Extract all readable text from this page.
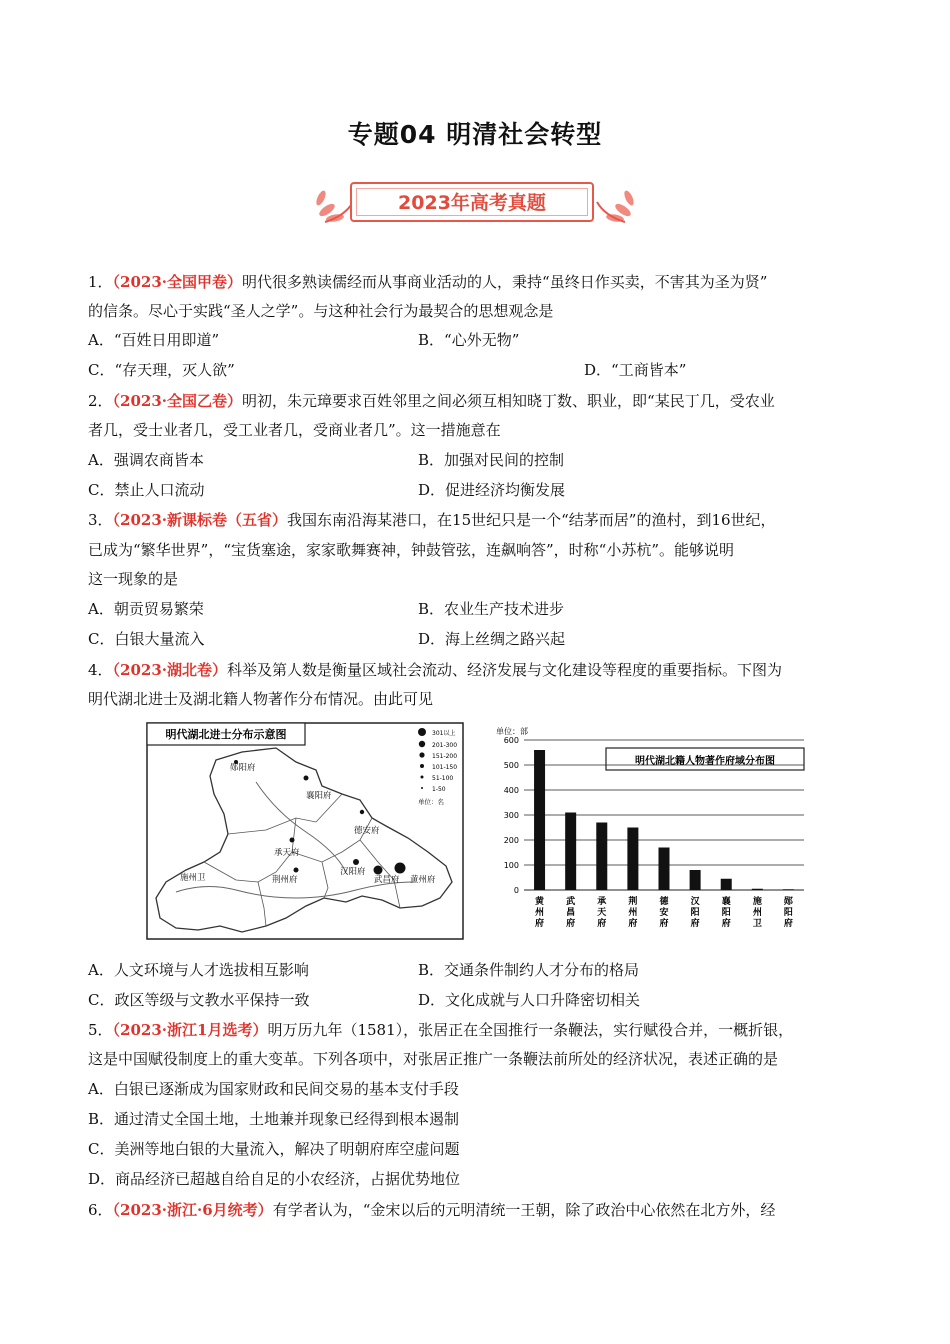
专题04 明清社会转型
2023年高考真题
1．（2023·全国甲卷）明代很多熟读儒经而从事商业活动的人，秉持“虽终日作买卖，不害其为圣为贤”
的信条。尽心于实践“圣人之学”。与这种社会行为最契合的思想观念是
A．“百姓日用即道”	B．“心外无物”
C．“存天理，灭人欲”	D．“工商皆本”
2．（2023·全国乙卷）明初，朱元璋要求百姓邻里之间必须互相知晓丁数、职业，即“某民丁几，受农业
者几，受士业者几，受工业者几，受商业者几”。这一措施意在
A．强调农商皆本	B．加强对民间的控制
C．禁止人口流动	D．促进经济均衡发展
3．（2023·新课标卷（五省）我国东南沿海某港口，在15世纪只是一个“结茅而居”的渔村，到16世纪，
已成为“繁华世界”，“宝货塞途，家家歌舞赛神，钟鼓管弦，连飙响答”，时称“小苏杭”。能够说明
这一现象的是
A．朝贡贸易繁荣	B．农业生产技术进步
C．白银大量流入	D．海上丝绸之路兴起
4．（2023·湖北卷）科举及第人数是衡量区域社会流动、经济发展与文化建设等程度的重要指标。下图为
明代湖北进士及湖北籍人物著作分布情况。由此可见
明代湖北进士分布示意图	301以上
201-300
151-200
101-150
51-100
1-50
单位：名
郧阳府
襄阳府
德安府
承天府
施州卫	荆州府
汉阳府
武昌府 黄州府
单位：部
明代湖北籍人物著作府域分布图
0
100
200
300
400
500
600
黄
州
府
武
昌
府
承
天
府
荆
州
府
德
安
府
汉
阳
府
襄
阳
府
施
州
卫
郧
阳
府
A．人文环境与人才选拔相互影响	B．交通条件制约人才分布的格局
C．政区等级与文教水平保持一致	D．文化成就与人口升降密切相关
5．（2023·浙江1月选考）明万历九年（1581），张居正在全国推行一条鞭法，实行赋役合并，一概折银，
这是中国赋役制度上的重大变革。下列各项中，对张居正推广一条鞭法前所处的经济状况，表述正确的是
A．白银已逐渐成为国家财政和民间交易的基本支付手段
B．通过清丈全国土地，土地兼并现象已经得到根本遏制
C．美洲等地白银的大量流入，解决了明朝府库空虚问题
D．商品经济已超越自给自足的小农经济，占据优势地位
6．（2023·浙江·6月统考）有学者认为，“金宋以后的元明清统一王朝，除了政治中心依然在北方外，经
